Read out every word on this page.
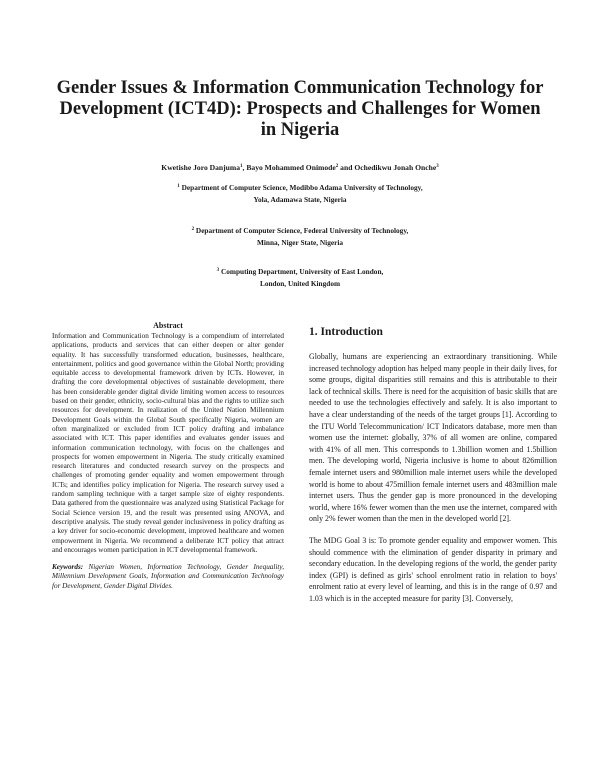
Gender Issues & Information Communication Technology for Development (ICT4D): Prospects and Challenges for Women in Nigeria
Kwetishe Joro Danjuma$^1$, Bayo Mohammed Onimode$^2$ and Ochedikwu Jonah Onche$^3$
$^1$ Department of Computer Science, Modibbo Adama University of Technology,
Yola, Adamawa State, Nigeria
$^2$ Department of Computer Science, Federal University of Technology,
Minna, Niger State, Nigeria
$^3$ Computing Department, University of East London,
London, United Kingdom
Abstract

Information and Communication Technology is a compendium of interrelated applications, products and services that can either deepen or alter gender equality. It has successfully transformed education, businesses, healthcare, entertainment, politics and good governance within the Global North; providing equitable access to developmental framework driven by ICTs. However, in drafting the core developmental objectives of sustainable development, there has been considerable gender digital divide limiting women access to resources based on their gender, ethnicity, socio-cultural bias and the rights to utilize such resources for development. In realization of the United Nation Millennium Development Goals within the Global South specifically Nigeria, women are often marginalized or excluded from ICT policy drafting and imbalance associated with ICT. This paper identifies and evaluates gender issues and information communication technology, with focus on the challenges and prospects for women empowerment in Nigeria. The study critically examined research literatures and conducted research survey on the prospects and challenges of promoting gender equality and women empowerment through ICTs; and identifies policy implication for Nigeria. The research survey used a random sampling technique with a target sample size of eighty respondents. Data gathered from the questionnaire was analyzed using Statistical Package for Social Science version 19, and the result was presented using ANOVA, and descriptive analysis. The study reveal gender inclusiveness in policy drafting as a key driver for socio-economic development, improved healthcare and women empowerment in Nigeria. We recommend a deliberate ICT policy that attract and encourages women participation in ICT developmental framework.

Keywords: Nigerian Women, Information Technology, Gender Inequality, Millennium Development Goals, Information and Communication Technology for Development, Gender Digital Divides.
1. Introduction

Globally, humans are experiencing an extraordinary transitioning. While increased technology adoption has helped many people in their daily lives, for some groups, digital disparities still remains and this is attributable to their lack of technical skills. There is need for the acquisition of basic skills that are needed to use the technologies effectively and safely. It is also important to have a clear understanding of the needs of the target groups [1]. According to the ITU World Telecommunication/ ICT Indicators database, more men than women use the internet: globally, 37% of all women are online, compared with 41% of all men. This corresponds to 1.3billion women and 1.5billion men. The developing world, Nigeria inclusive is home to about 826million female internet users and 980million male internet users while the developed world is home to about 475million female internet users and 483million male internet users. Thus the gender gap is more pronounced in the developing world, where 16% fewer women than the men use the internet, compared with only 2% fewer women than the men in the developed world [2].

The MDG Goal 3 is: To promote gender equality and empower women. This should commence with the elimination of gender disparity in primary and secondary education. In the developing regions of the world, the gender parity index (GPI) is defined as girls' school enrolment ratio in relation to boys' enrolment ratio at every level of learning, and this is in the range of 0.97 and 1.03 which is in the accepted measure for parity [3]. Conversely,
